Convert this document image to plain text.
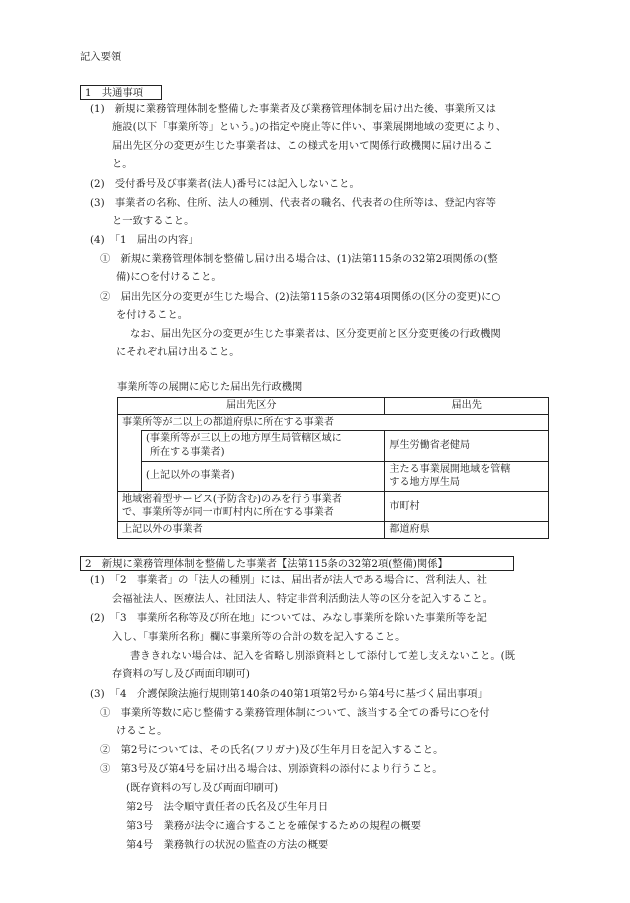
記入要領
1　共通事項
(1)　新規に業務管理体制を整備した事業者及び業務管理体制を届け出た後、事業所又は
施設(以下「事業所等」という。)の指定や廃止等に伴い、事業展開地域の変更により、
届出先区分の変更が生じた事業者は、この様式を用いて関係行政機関に届け出るこ
と。
(2)　受付番号及び事業者(法人)番号には記入しないこと。
(3)　事業者の名称、住所、法人の種別、代表者の職名、代表者の住所等は、登記内容等
と一致すること。
(4)　「1　届出の内容」
①　新規に業務管理体制を整備し届け出る場合は、(1)法第115条の32第2項関係の(整
備)に○を付けること。
②　届出先区分の変更が生じた場合、(2)法第115条の32第4項関係の(区分の変更)に○
を付けること。
なお、届出先区分の変更が生じた事業者は、区分変更前と区分変更後の行政機関
にそれぞれ届け出ること。
事業所等の展開に応じた届出先行政機関
届出先区分		届出先
事業所等が二以上の都道府県に所在する事業者		

	(事業所等が三以上の地方厚生局管轄区域に
所在する事業者)	厚生労働省老健局
	(上記以外の事業者)	主たる事業展開地域を管轄
する地方厚生局

地域密着型サービス(予防含む)のみを行う事業者
で、事業所等が同一市町村内に所在する事業者		市町村
上記以外の事業者		都道府県
2　新規に業務管理体制を整備した事業者【法第115条の32第2項(整備)関係】
(1)　「2　事業者」の「法人の種別」には、届出者が法人である場合に、営利法人、社
会福祉法人、医療法人、社団法人、特定非営利活動法人等の区分を記入すること。
(2)　「3　事業所名称等及び所在地」については、みなし事業所を除いた事業所等を記
入し、「事業所名称」欄に事業所等の合計の数を記入すること。
書ききれない場合は、記入を省略し別添資料として添付して差し支えないこと。(既
存資料の写し及び両面印刷可)
(3)　「4　介護保険法施行規則第140条の40第1項第2号から第4号に基づく届出事項」
①　事業所等数に応じ整備する業務管理体制について、該当する全ての番号に○を付
けること。
②　第2号については、その氏名(フリガナ)及び生年月日を記入すること。
③　第3号及び第4号を届け出る場合は、別添資料の添付により行うこと。
(既存資料の写し及び両面印刷可)
第2号　法令順守責任者の氏名及び生年月日
第3号　業務が法令に適合することを確保するための規程の概要
第4号　業務執行の状況の監査の方法の概要
